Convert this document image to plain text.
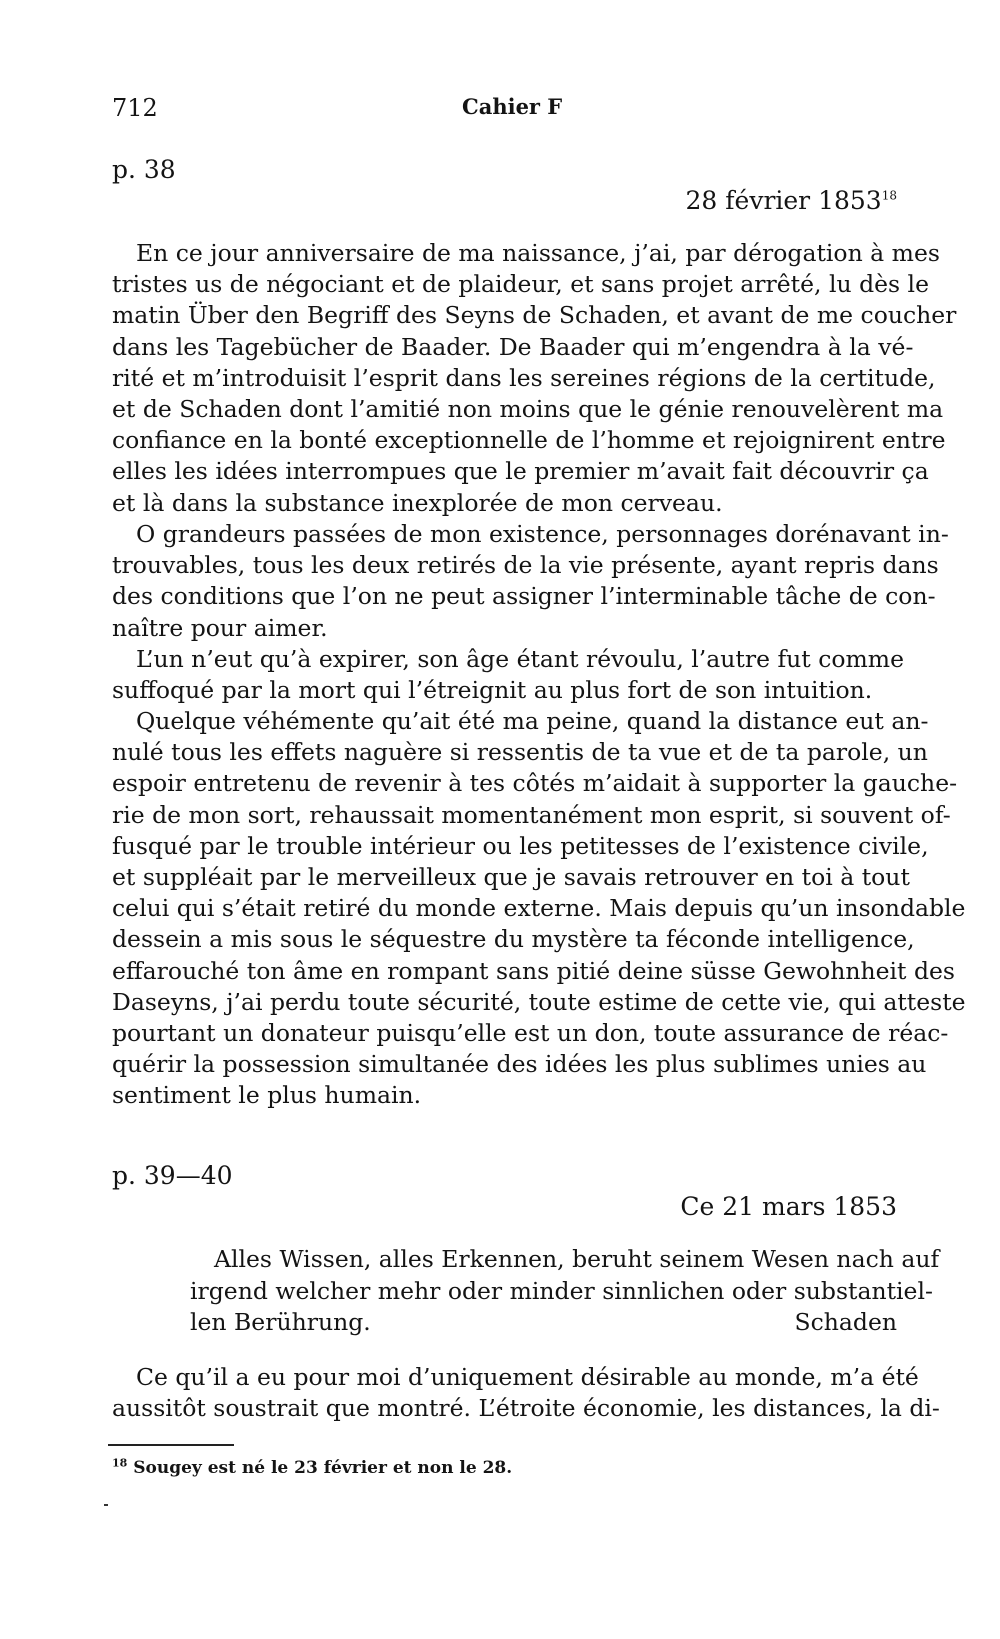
712	Cahier F
p. 38
28 février 1853$^{18}$
En ce jour anniversaire de ma naissance, j’ai, par dérogation à mes
tristes us de négociant et de plaideur, et sans projet arrêté, lu dès le
matin Über den Begriff des Seyns de Schaden, et avant de me coucher
dans les Tagebücher de Baader. De Baader qui m’engendra à la vé-
rité et m’introduisit l’esprit dans les sereines régions de la certitude,
et de Schaden dont l’amitié non moins que le génie renouvelèrent ma
confiance en la bonté exceptionnelle de l’homme et rejoignirent entre
elles les idées interrompues que le premier m’avait fait découvrir ça
et là dans la substance inexplorée de mon cerveau.
O grandeurs passées de mon existence, personnages dorénavant in-
trouvables, tous les deux retirés de la vie présente, ayant repris dans
des conditions que l’on ne peut assigner l’interminable tâche de con-
naître pour aimer.
L’un n’eut qu’à expirer, son âge étant révoulu, l’autre fut comme
suffoqué par la mort qui l’étreignit au plus fort de son intuition.
Quelque véhémente qu’ait été ma peine, quand la distance eut an-
nulé tous les effets naguère si ressentis de ta vue et de ta parole, un
espoir entretenu de revenir à tes côtés m’aidait à supporter la gauche-
rie de mon sort, rehaussait momentanément mon esprit, si souvent of-
fusqué par le trouble intérieur ou les petitesses de l’existence civile,
et suppléait par le merveilleux que je savais retrouver en toi à tout
celui qui s’était retiré du monde externe. Mais depuis qu’un insondable
dessein a mis sous le séquestre du mystère ta féconde intelligence,
effarouché ton âme en rompant sans pitié deine süsse Gewohnheit des
Daseyns, j’ai perdu toute sécurité, toute estime de cette vie, qui atteste
pourtant un donateur puisqu’elle est un don, toute assurance de réac-
quérir la possession simultanée des idées les plus sublimes unies au
sentiment le plus humain.
p. 39—40
Ce 21 mars 1853
Alles Wissen, alles Erkennen, beruht seinem Wesen nach auf
irgend welcher mehr oder minder sinnlichen oder substantiel-
len Berührung.	Schaden
Ce qu’il a eu pour moi d’uniquement désirable au monde, m’a été
aussitôt soustrait que montré. L’étroite économie, les distances, la di-
$^{18}$ Sougey est né le 23 février et non le 28.
